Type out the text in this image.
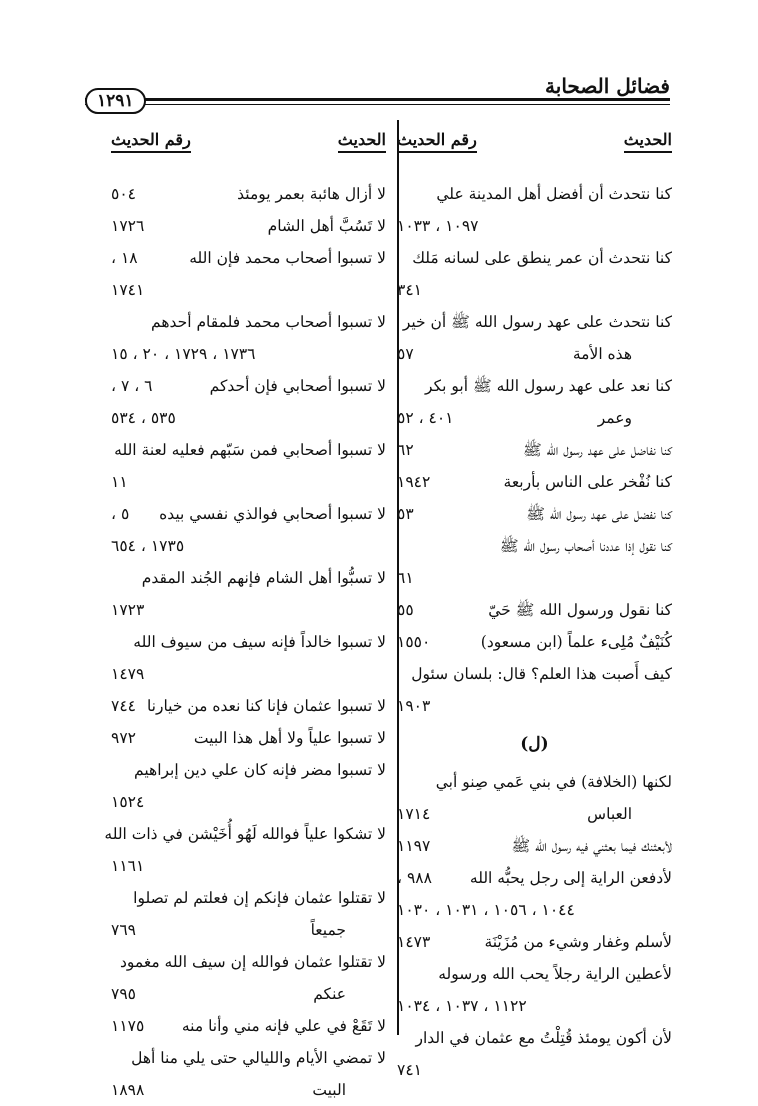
فضائل الصحابة
١٢٩١
الحديث
رقم الحديث
كنا نتحدث أن أفضل أهل المدينة علي
١٠٩٧ ، ١٠٣٣
كنا نتحدث أن عمر ينطق على لسانه مَلك
٣٤١
كنا نتحدث على عهد رسول الله ﷺ أن خير
هذه الأمة
٥٧
كنا نعد على عهد رسول الله ﷺ أبو بكر
وعمر
٤٠١ ، ٥٢
كنا نفاضل على عهد رسول الله ﷺ
٦٢
كنا نُفْخر على الناس بأربعة
١٩٤٢
كنا نفضل على عهد رسول الله ﷺ
٥٣
كنا نقول إذا عددنا أصحاب رسول الله ﷺ
٦١
كنا نقول ورسول الله ﷺ حَيّ
٥٥
كُنَيْفٌ مُلِىء علماً (ابن مسعود)
١٥٥٠
كيف أَصبت هذا العلم؟ قال: بلسان سئول
١٩٠٣
(ل)
لكنها (الخلافة) في بني عَمي صِنو أبي
العباس
١٧١٤
لأبعثنك فيما بعثني فيه رسول الله ﷺ
١١٩٧
لأدفعن الراية إلى رجل يحبُّه الله
٩٨٨ ،
١٠٤٤ ، ١٠٥٦ ، ١٠٣١ ، ١٠٣٠
لأسلم وغفار وشيء من مُزَيْنَة
١٤٧٣
لأعطين الراية رجلاً يحب الله ورسوله
١١٢٢ ، ١٠٣٧ ، ١٠٣٤
لأن أكون يومئذ قُتِلْتُ مع عثمان في الدار
٧٤١
الحديث
رقم الحديث
لا أزال هائبة بعمر يومئذ
٥٠٤
لا تَسُبَّ أهل الشام
١٧٢٦
لا تسبوا أصحاب محمد فإن الله
١٨ ،
١٧٤١
لا تسبوا أصحاب محمد فلمقام أحدهم
١٧٣٦ ، ١٧٢٩ ، ٢٠ ، ١٥
لا تسبوا أصحابي فإن أحدكم
٦ ، ٧ ،
٥٣٥ ، ٥٣٤
لا تسبوا أصحابي فمن سَبّهم فعليه لعنة الله
١١
لا تسبوا أصحابي فوالذي نفسي بيده
٥ ،
١٧٣٥ ، ٦٥٤
لا تسبُّوا أهل الشام فإنهم الجُند المقدم
١٧٢٣
لا تسبوا خالداً فإنه سيف من سيوف الله
١٤٧٩
لا تسبوا عثمان فإنا كنا نعده من خيارنا
٧٤٤
لا تسبوا علياً ولا أهل هذا البيت
٩٧٢
لا تسبوا مضر فإنه كان علي دين إبراهيم
١٥٢٤
لا تشكوا علياً فوالله لَهُو أُخَيْشن في ذات الله
١١٦١
لا تقتلوا عثمان فإنكم إن فعلتم لم تصلوا
جميعاً
٧٦٩
لا تقتلوا عثمان فوالله إن سيف الله مغمود
عنكم
٧٩٥
لا تَقَعْ في علي فإنه مني وأنا منه
١١٧٥
لا تمضي الأيام والليالي حتى يلي منا أهل
البيت
١٨٩٨
